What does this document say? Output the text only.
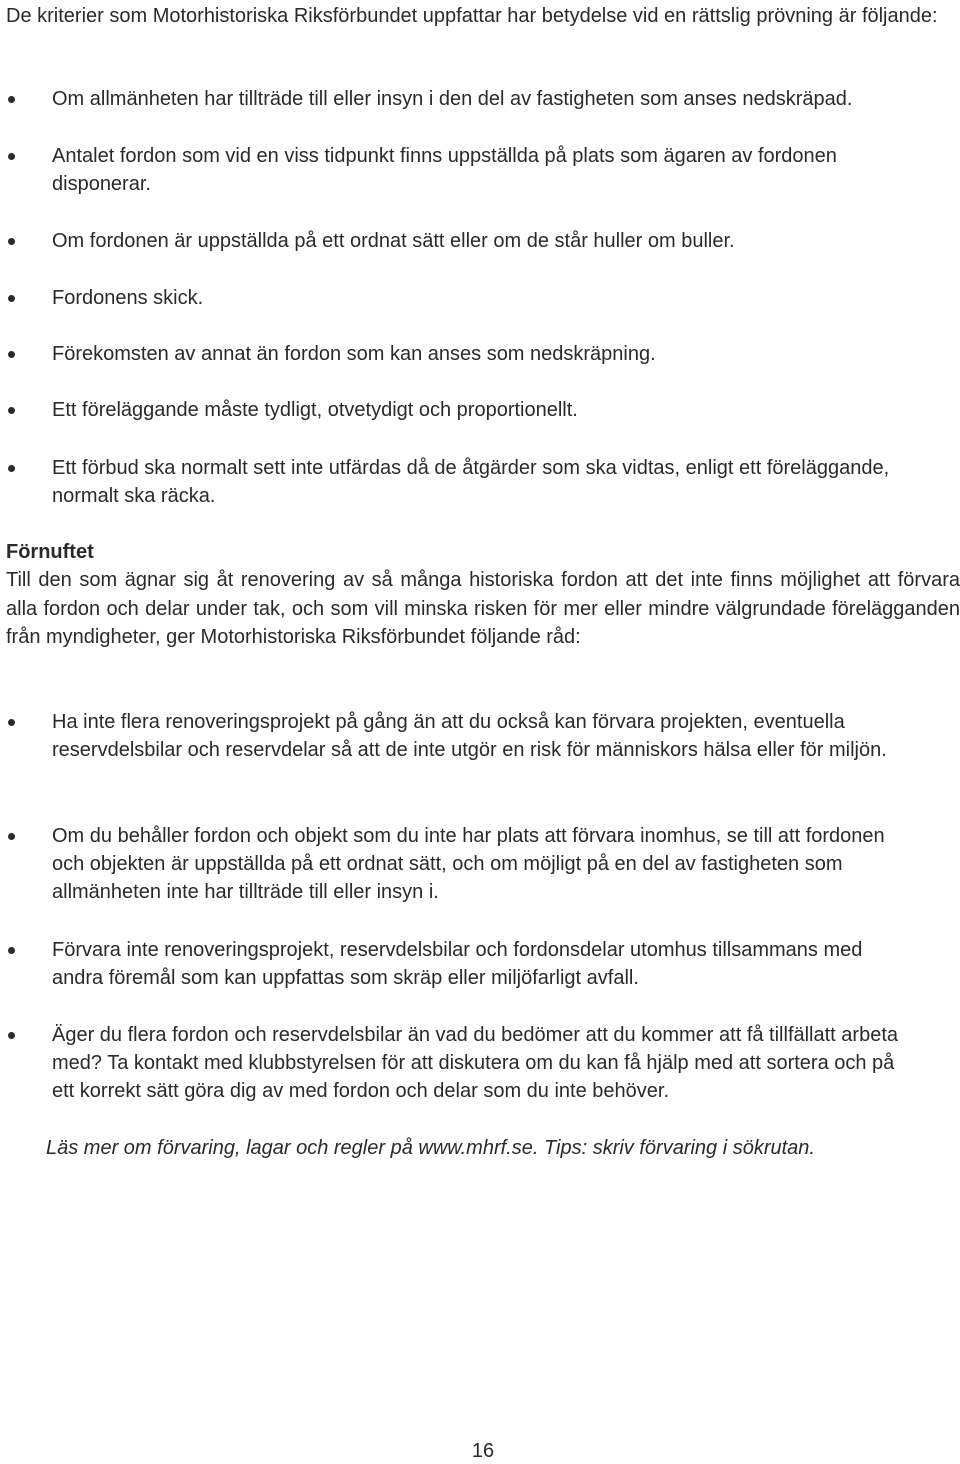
De kriterier som Motorhistoriska Riksförbundet uppfattar har betydelse vid en rättslig prövning är följande:

Om allmänheten har tillträde till eller insyn i den del av fastigheten som anses nedskräpad.
Antalet fordon som vid en viss tidpunkt finns uppställda på plats som ägaren av fordonen disponerar.
Om fordonen är uppställda på ett ordnat sätt eller om de står huller om buller.
Fordonens skick.
Förekomsten av annat än fordon som kan anses som nedskräpning.
Ett föreläggande måste tydligt, otvetydigt och proportionellt.
Ett förbud ska normalt sett inte utfärdas då de åtgärder som ska vidtas, enligt ett föreläggande, normalt ska räcka.
Förnuftet

Till den som ägnar sig åt renovering av så många historiska fordon att det inte finns möjlighet att förvara alla fordon och delar under tak, och som vill minska risken för mer eller mindre välgrundade förelägganden från myndigheter, ger Motorhistoriska Riksförbundet följande råd:

Ha inte flera renoveringsprojekt på gång än att du också kan förvara projekten, eventuella reservdelsbilar och reservdelar så att de inte utgör en risk för människors hälsa eller för miljön.
Om du behåller fordon och objekt som du inte har plats att förvara inomhus, se till att fordonen och objekten är uppställda på ett ordnat sätt, och om möjligt på en del av fastigheten som allmänheten inte har tillträde till eller insyn i.
Förvara inte renoveringsprojekt, reservdelsbilar och fordonsdelar utomhus tillsammans med andra föremål som kan uppfattas som skräp eller miljöfarligt avfall.
Äger du flera fordon och reservdelsbilar än vad du bedömer att du kommer att få tillfällatt arbeta med? Ta kontakt med klubbstyrelsen för att diskutera om du kan få hjälp med att sortera och på ett korrekt sätt göra dig av med fordon och delar som du inte behöver.

Läs mer om förvaring, lagar och regler på www.mhrf.se. Tips: skriv förvaring i sökrutan.

16
